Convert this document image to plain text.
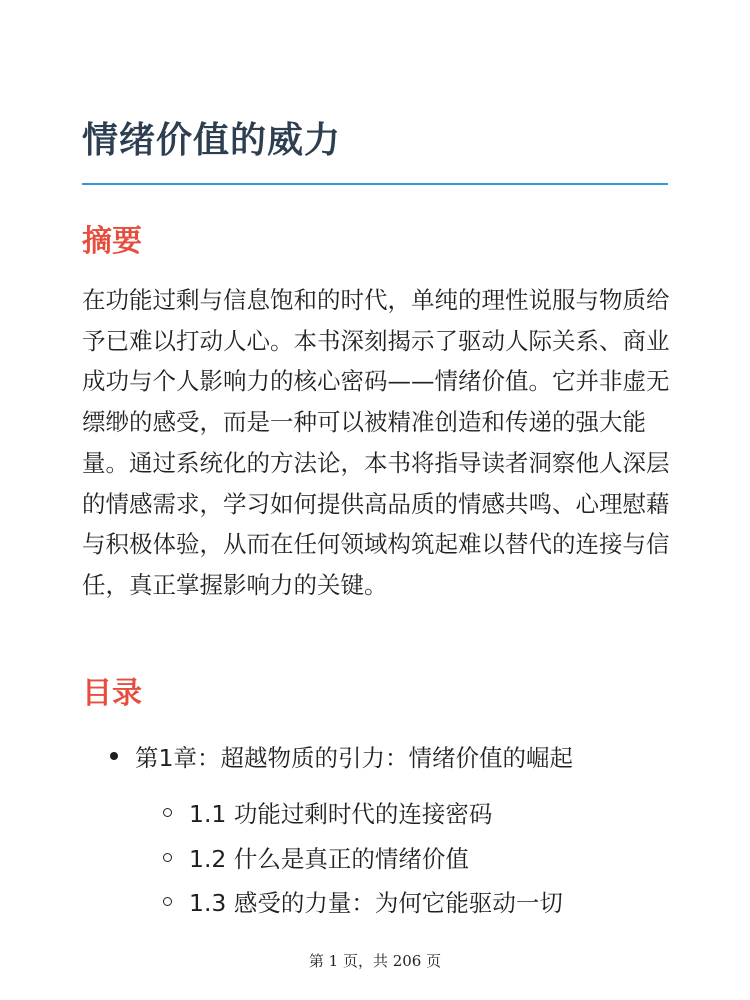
情绪价值的威力
摘要

在功能过剩与信息饱和的时代，单纯的理性说服与物质给予已难以打动人心。本书深刻揭示了驱动人际关系、商业成功与个人影响力的核心密码——情绪价值。它并非虚无缥缈的感受，而是一种可以被精准创造和传递的强大能量。通过系统化的方法论，本书将指导读者洞察他人深层的情感需求，学习如何提供高品质的情感共鸣、心理慰藉与积极体验，从而在任何领域构筑起难以替代的连接与信任，真正掌握影响力的关键。

目录
第1章：超越物质的引力：情绪价值的崛起
1.1 功能过剩时代的连接密码
1.2 什么是真正的情绪价值
1.3 感受的力量：为何它能驱动一切
第 1 页，共 206 页
